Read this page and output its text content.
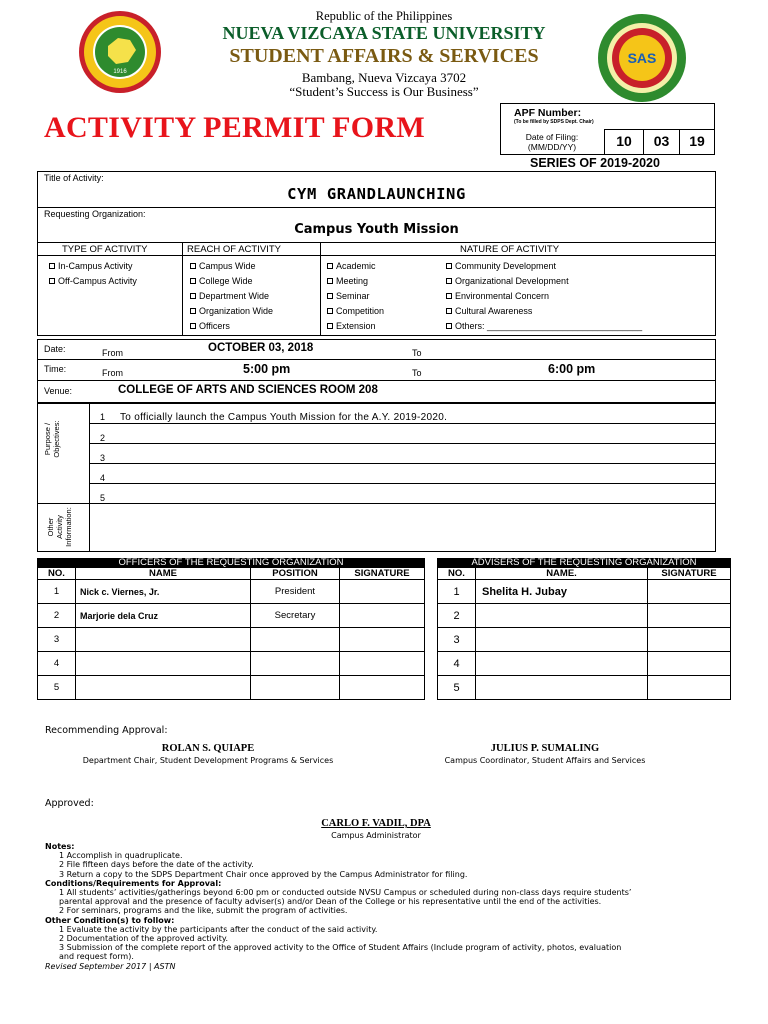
1916
SAS
Republic of the Philippines
NUEVA VIZCAYA STATE UNIVERSITY
STUDENT AFFAIRS & SERVICES
Bambang, Nueva Vizcaya 3702
“Student’s Success is Our Business”
ACTIVITY PERMIT FORM	APF Number:
(To be filled by SDPS Dept. Chair)
Date of Filing:
(MM/DD/YY)	10	03	19
SERIES OF 2019-2020
Title of Activity:
CYM GRANDLAUNCHING
Requesting Organization:
Campus Youth Mission
TYPE OF ACTIVITY	REACH OF ACTIVITY	NATURE OF ACTIVITY
In-Campus Activity
Off-Campus Activity
Campus Wide
College Wide
Department Wide
Organization Wide
Officers
Academic
Meeting
Seminar
Competition
Extension
Community Development
Organizational Development
Environmental Concern
Cultural Awareness
Others: _______________________________
Date:	From	OCTOBER 03, 2018	To
Time:	From	5:00 pm	To	6:00 pm
Venue:	COLLEGE OF ARTS AND SCIENCES ROOM 208
Purpose / Objectives:
1 To officially launch the Campus Youth Mission for the A.Y. 2019-2020.
2
3
4
5
Other Activity Information:
OFFICERS OF THE REQUESTING ORGANIZATION
NO.	NAME	POSITION	SIGNATURE
1	Nick c. Viernes, Jr.	President	
2	Marjorie dela Cruz	Secretary	
3			
4			
5			
ADVISERS OF THE REQUESTING ORGANIZATION
NO.	NAME.	SIGNATURE
1	Shelita H. Jubay	
2		
3		
4		
5		
Recommending Approval:
ROLAN S. QUIAPE
Department Chair, Student Development Programs & Services
JULIUS P. SUMALING
Campus Coordinator, Student Affairs and Services
Approved:
CARLO F. VADIL, DPA
Campus Administrator
Notes:
1 Accomplish in quadruplicate.
2 File fifteen days before the date of the activity.
3 Return a copy to the SDPS Department Chair once approved by the Campus Administrator for filing.
Conditions/Requirements for Approval:
1 All students’ activities/gatherings beyond 6:00 pm or conducted outside NVSU Campus or scheduled during non-class days require students’
parental approval and the presence of faculty adviser(s) and/or Dean of the College or his representative until the end of the activities.
2 For seminars, programs and the like, submit the program of activities.
Other Condition(s) to follow:
1 Evaluate the activity by the participants after the conduct of the said activity.
2 Documentation of the approved activity.
3 Submission of the complete report of the approved activity to the Office of Student Affairs (Include program of activity, photos, evaluation
and request form).
Revised September 2017 | ASTN
